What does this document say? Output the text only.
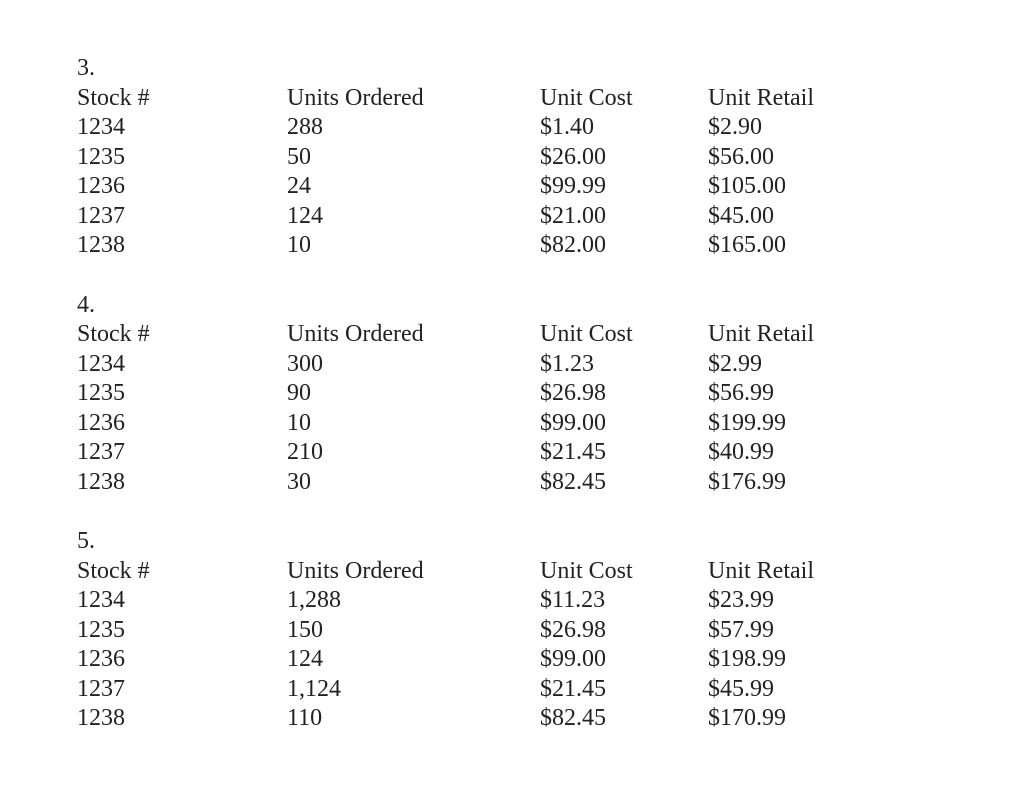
3.
Stock #	Units Ordered	Unit Cost	Unit Retail
1234	288	$1.40	$2.90
1235	50	$26.00	$56.00
1236	24	$99.99	$105.00
1237	124	$21.00	$45.00
1238	10	$82.00	$165.00
4.
Stock #	Units Ordered	Unit Cost	Unit Retail
1234	300	$1.23	$2.99
1235	90	$26.98	$56.99
1236	10	$99.00	$199.99
1237	210	$21.45	$40.99
1238	30	$82.45	$176.99
5.
Stock #	Units Ordered	Unit Cost	Unit Retail
1234	1,288	$11.23	$23.99
1235	150	$26.98	$57.99
1236	124	$99.00	$198.99
1237	1,124	$21.45	$45.99
1238	110	$82.45	$170.99
